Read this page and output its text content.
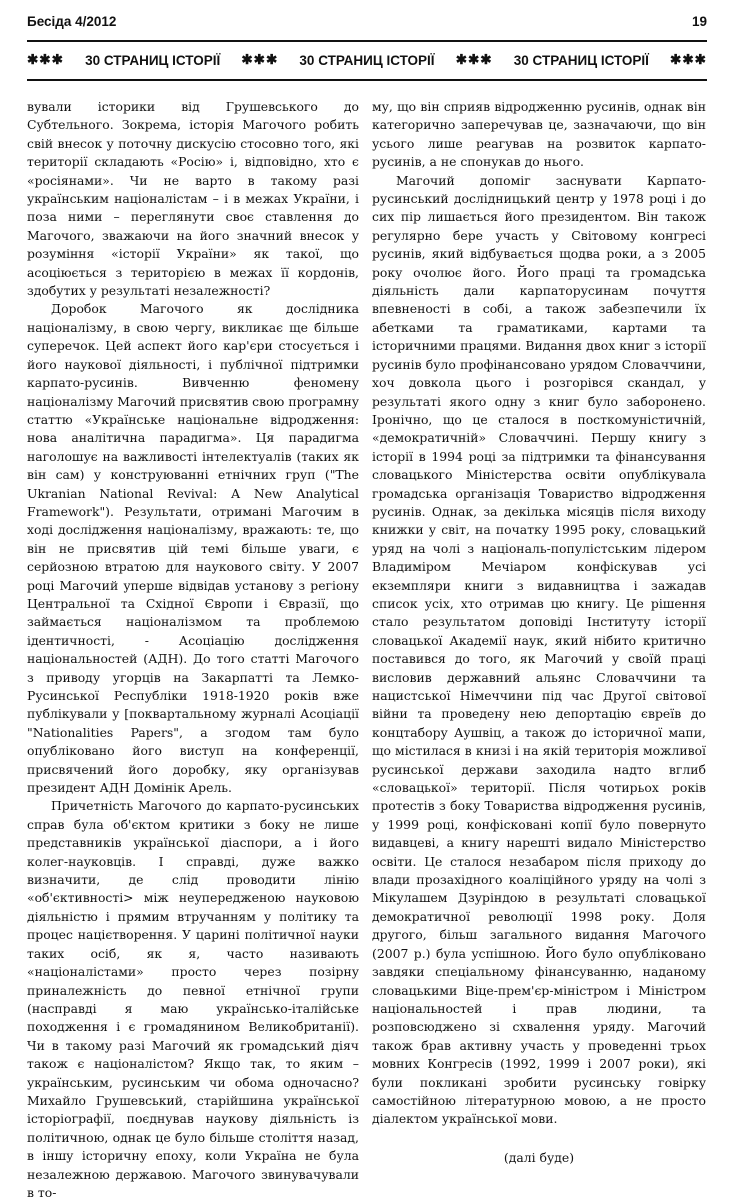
Бесіда 4/2012	19
✱✱✱ 30 СТРАНИЦ ІСТОРІЇ ✱✱✱ 30 СТРАНИЦ ІСТОРІЇ ✱✱✱ 30 СТРАНИЦ ІСТОРІЇ ✱✱✱

вували історики від Грушевського до Субтельного. Зокрема, історія Магочого робить свій внесок у поточну дискусію стосовно того, які території складають «Росію» і, відповідно, хто є «росіянами». Чи не варто в такому разі українським націоналістам – і в межах України, і поза ними – переглянути своє ставлення до Магочого, зважаючи на його значний внесок у розуміння «історії України» як такої, що асоціюється з територією в межах її кордонів, здобутих у результаті незалежності?

Доробок Магочого як дослідника націоналізму, в свою чергу, викликає ще більше суперечок. Цей аспект його кар'єри стосується і його наукової діяльності, і публічної підтримки карпато-русинів. Вивченню феномену націоналізму Магочий присвятив свою програмну статтю «Українське національне відродження: нова аналітична парадигма». Ця парадигма наголошує на важливості інтелектуалів (таких як він сам) у конструюванні етнічних груп ("The Ukranian National Revival: A New Analytical Framework"). Результати, отримані Магочим в ході дослідження націоналізму, вражають: те, що він не присвятив цій темі більше уваги, є серйозною втратою для наукового світу. У 2007 році Магочий уперше відвідав установу з регіону Центральної та Східної Європи і Євразії, що займається націоналізмом та проблемою ідентичності, - Асоціацію дослідження національностей (АДН). До того статті Магочого з приводу угорців на Закарпатті та Лемко-Русинської Республіки 1918-1920 років вже публікували у [поквартальному журналі Асоціації "Nationalities Papers", а згодом там було опубліковано його виступ на конференції, присвячений його доробку, яку організував президент АДН Домінік Арель.

Причетність Магочого до карпато-русинських справ була об'єктом критики з боку не лише представників української діаспори, а і його колег-науковців. І справді, дуже важко визначити, де слід проводити лінію «об'єктивності> між неупередженою науковою діяльністю і прямим втручанням у політику та процес націєтворення. У царині політичної науки таких осіб, як я, часто називають «націоналістами» просто через позірну приналежність до певної етнічної групи (насправді я маю українсько-італійське походження і є громадянином Великобританії). Чи в такому разі Магочий як громадський діяч також є націоналістом? Якщо так, то яким – українським, русинським чи обома одночасно? Михайло Грушевський, старійшина української історіографії, поєднував наукову діяльність із політичною, однак це було більше століття назад, в іншу історичну епоху, коли Україна не була незалежною державою. Магочого звинувачували в то-

му, що він сприяв відродженню русинів, однак він категорично заперечував це, зазначаючи, що він усього лише реагував на розвиток карпато-русинів, а не спонукав до нього.

Магочий допоміг заснувати Карпато-русинський дослідницький центр у 1978 році і до сих пір лишається його президентом. Він також регулярно бере участь у Світовому конгресі русинів, який відбувається щодва роки, а з 2005 року очолює його. Його праці та громадська діяльність дали карпаторусинам почуття впевненості в собі, а також забезпечили їх абетками та граматиками, картами та історичними працями. Видання двох книг з історії русинів було профінансовано урядом Словаччини, хоч довкола цього і розгорівся скандал, у результаті якого одну з книг було заборонено. Іронічно, що це сталося в посткомуністичній, «демократичній» Словаччині. Першу книгу з історії в 1994 році за підтримки та фінансування словацького Міністерства освіти опублікувала громадська організація Товариство відродження русинів. Однак, за декілька місяців після виходу книжки у світ, на початку 1995 року, словацький уряд на чолі з національ-популістським лідером Владиміром Мечіаром конфіскував усі екземпляри книги з видавництва і зажадав список усіх, хто отримав цю книгу. Це рішення стало результатом доповіді Інституту історії словацької Академії наук, який нібито критично поставився до того, як Магочий у своїй праці висловив державний альянс Словаччини та нацистської Німеччини під час Другої світової війни та проведену нею депортацію євреїв до концтабору Аушвіц, а також до історичної мапи, що містилася в книзі і на якій територія можливої русинської держави заходила надто вглиб «словацької» території. Після чотирьох років протестів з боку Товариства відродження русинів, у 1999 році, конфісковані копії було повернуто видавцеві, а книгу нарешті видало Міністерство освіти. Це сталося незабаром після приходу до влади прозахідного коаліційного уряду на чолі з Мікулашем Дзуріндою в результаті словацької демократичної революції 1998 року. Доля другого, більш загального видання Магочого (2007 р.) була успішною. Його було опубліковано завдяки спеціальному фінансуванню, наданому словацькими Віце-прем'єр-міністром і Міністром національностей і прав людини, та розповсюджено зі схвалення уряду. Магочий також брав активну участь у проведенні трьох мовних Конгресів (1992, 1999 і 2007 роки), які були покликані зробити русинську говірку самостійною літературною мовою, а не просто діалектом української мови.

(далі буде)
